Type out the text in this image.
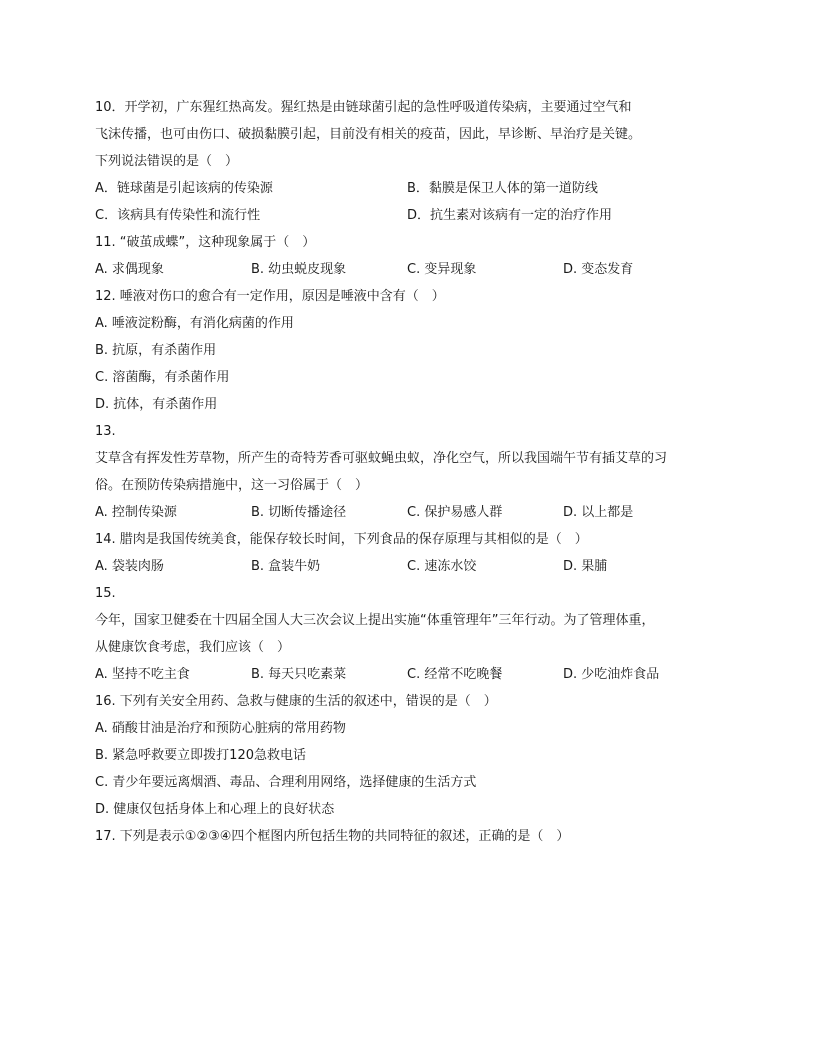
10．开学初，广东猩红热高发。猩红热是由链球菌引起的急性呼吸道传染病，主要通过空气和
飞沫传播，也可由伤口、破损黏膜引起，目前没有相关的疫苗，因此，早诊断、早治疗是关键。
下列说法错误的是（　）
A．链球菌是引起该病的传染源	B．黏膜是保卫人体的第一道防线
C．该病具有传染性和流行性	D．抗生素对该病有一定的治疗作用
11. “破茧成蝶”，这种现象属于（　）
A. 求偶现象	B. 幼虫蜕皮现象	C. 变异现象	D. 变态发育
12. 唾液对伤口的愈合有一定作用，原因是唾液中含有（　）
A. 唾液淀粉酶，有消化病菌的作用
B. 抗原，有杀菌作用
C. 溶菌酶，有杀菌作用
D. 抗体，有杀菌作用
13.
艾草含有挥发性芳草物，所产生的奇特芳香可驱蚊蝇虫蚁，净化空气，所以我国端午节有插艾草的习
俗。在预防传染病措施中，这一习俗属于（　）
A. 控制传染源	B. 切断传播途径	C. 保护易感人群	D. 以上都是
14. 腊肉是我国传统美食，能保存较长时间，下列食品的保存原理与其相似的是（　）
A. 袋装肉肠	B. 盒装牛奶	C. 速冻水饺	D. 果脯
15.
今年，国家卫健委在十四届全国人大三次会议上提出实施“体重管理年”三年行动。为了管理体重，
从健康饮食考虑，我们应该（　）
A. 坚持不吃主食	B. 每天只吃素菜	C. 经常不吃晚餐	D. 少吃油炸食品
16. 下列有关安全用药、急救与健康的生活的叙述中，错误的是（　）
A. 硝酸甘油是治疗和预防心脏病的常用药物
B. 紧急呼救要立即拨打120急救电话
C. 青少年要远离烟酒、毒品、合理利用网络，选择健康的生活方式
D. 健康仅包括身体上和心理上的良好状态
17. 下列是表示①②③④四个框图内所包括生物的共同特征的叙述，正确的是（　）
